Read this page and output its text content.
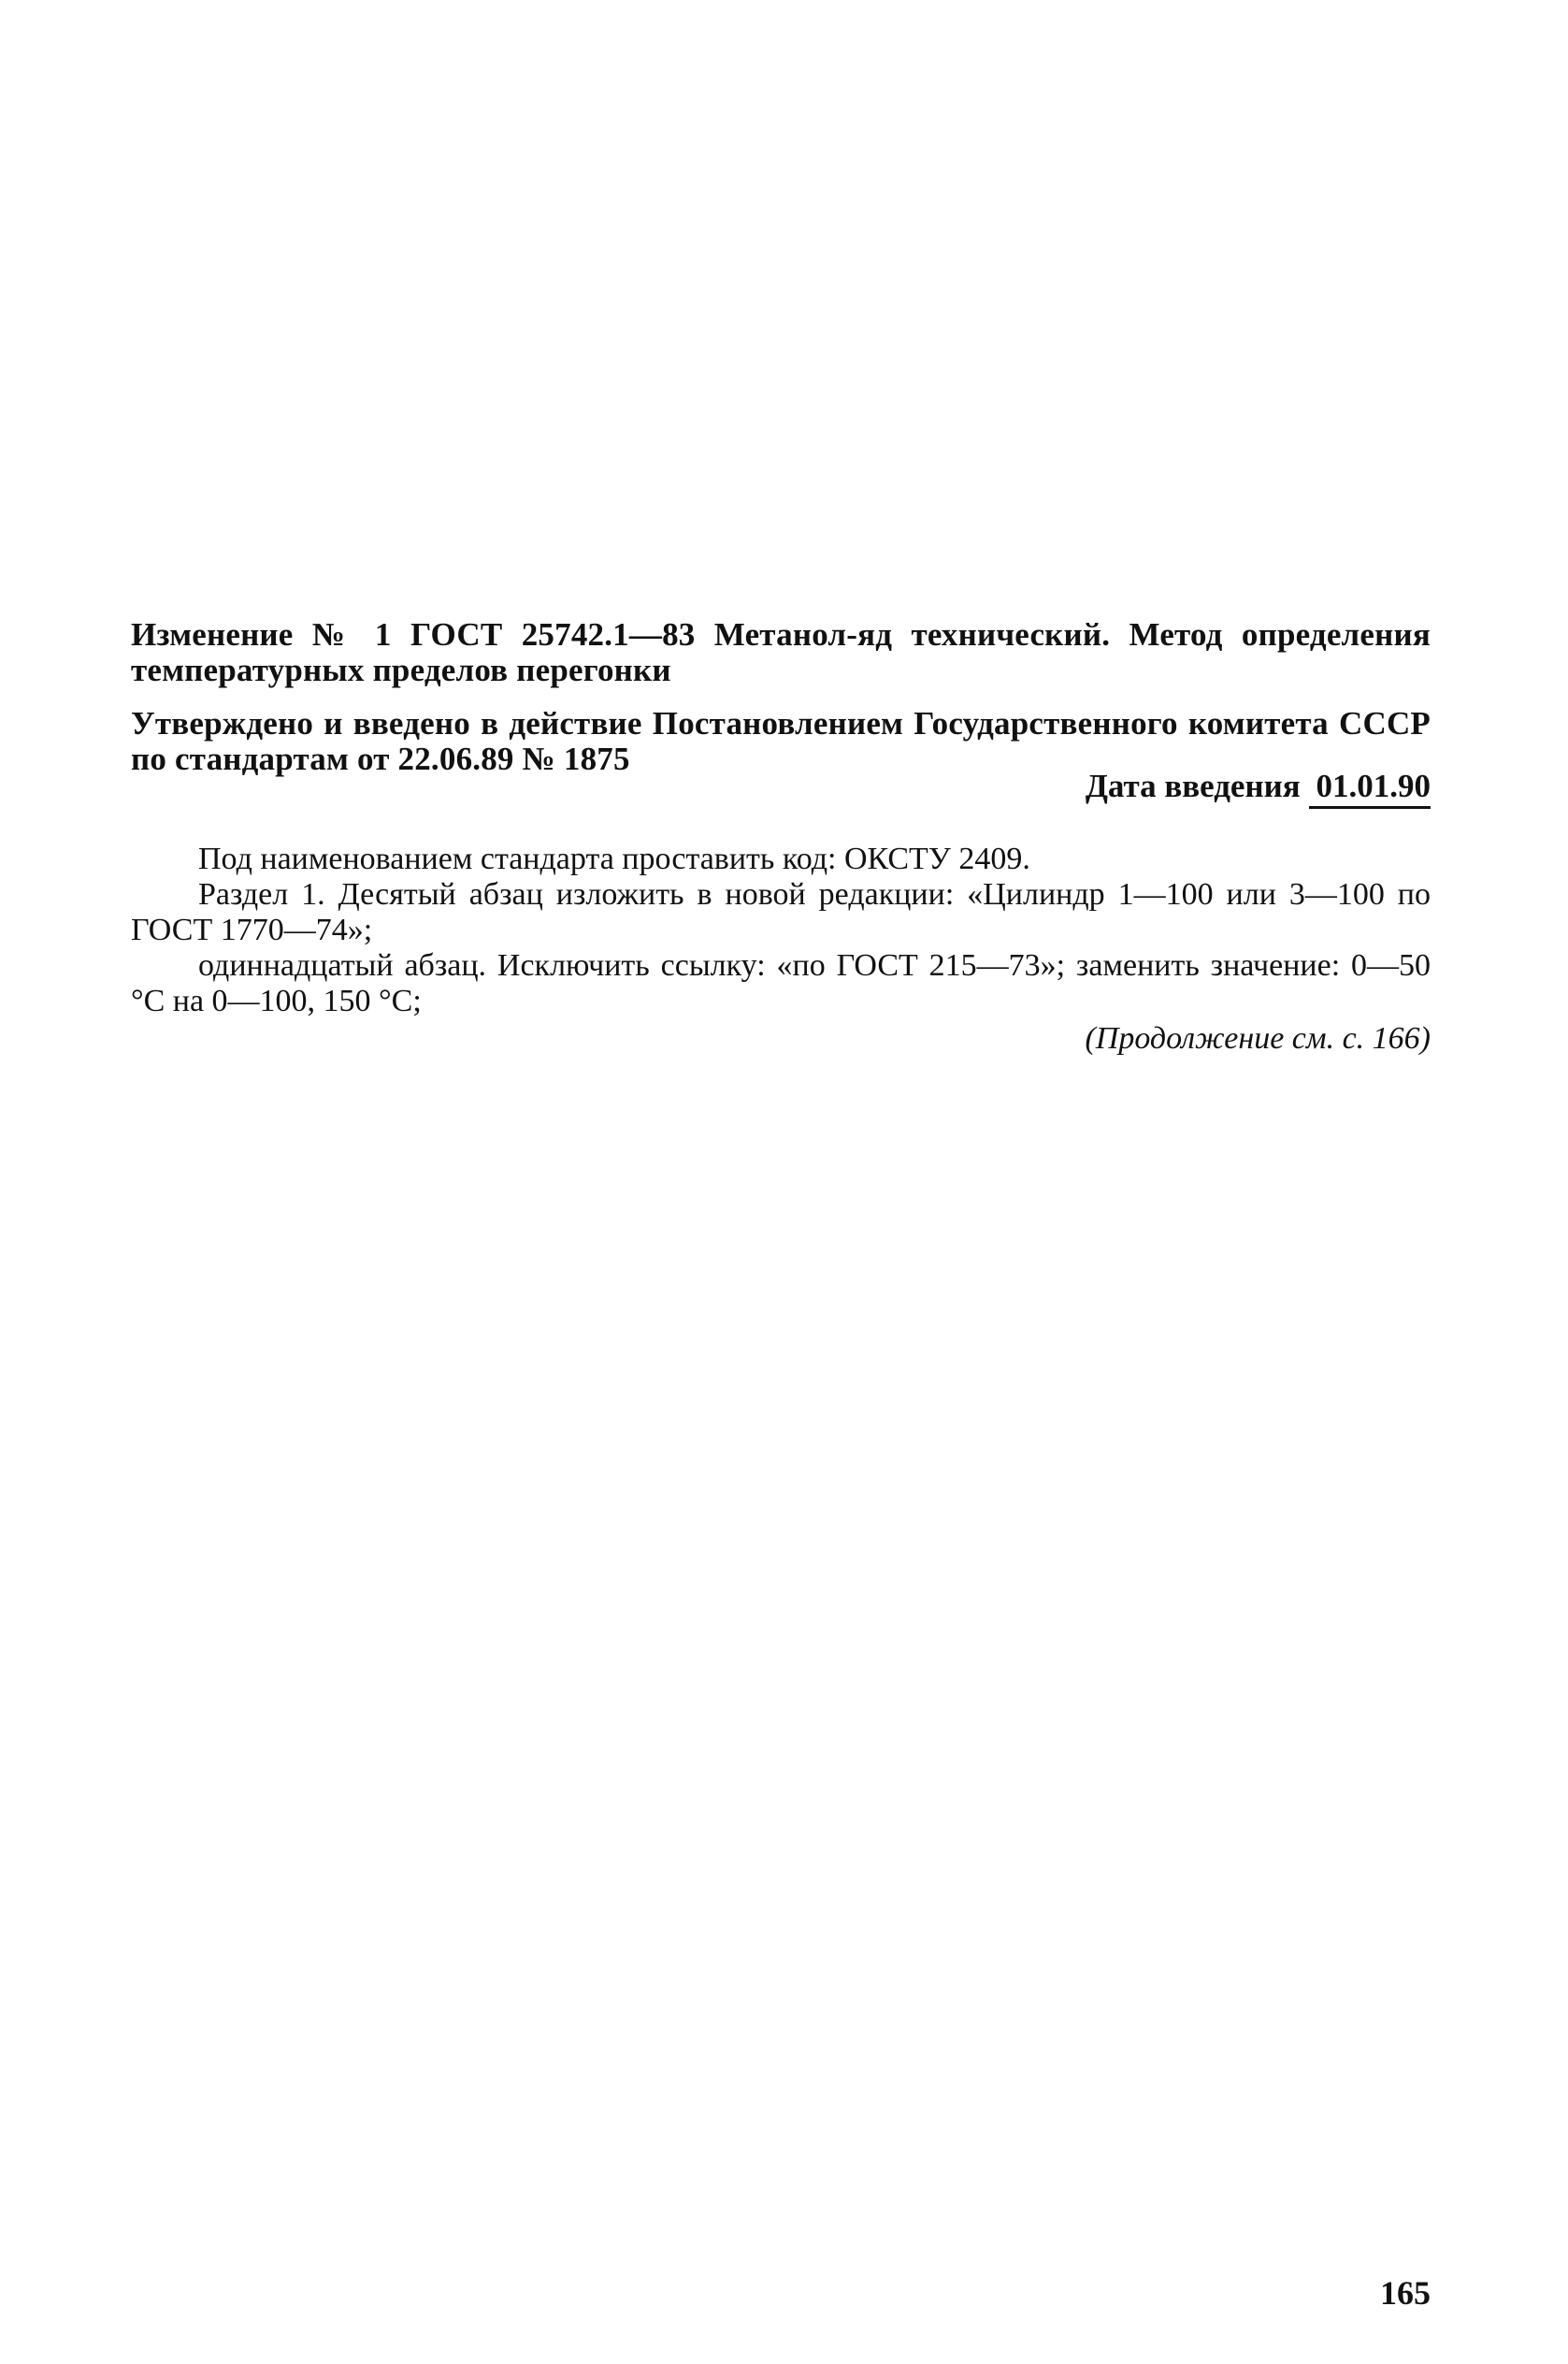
Изменение № 1 ГОСТ 25742.1—83 Метанол-яд технический. Метод определения температурных пределов перегонки

Утверждено и введено в действие Постановлением Государственного комитета СССР по стандартам от 22.06.89 № 1875

Дата введения 01.01.90

Под наименованием стандарта проставить код: ОКСТУ 2409.

Раздел 1. Десятый абзац изложить в новой редакции: «Цилиндр 1—100 или 3—100 по ГОСТ 1770—74»;

одиннадцатый абзац. Исключить ссылку: «по ГОСТ 215—73»; заменить значение: 0—50 °С на 0—100, 150 °С;

(Продолжение см. с. 166)
165
